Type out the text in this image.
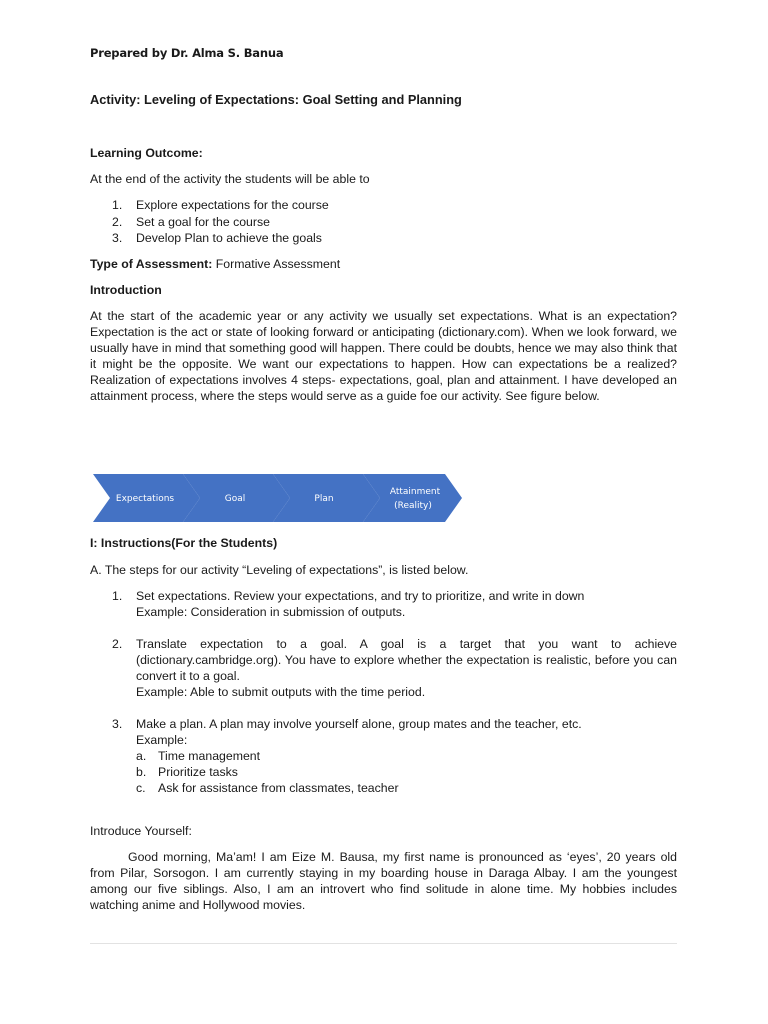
Prepared by Dr. Alma S. Banua
Activity: Leveling of Expectations: Goal Setting and Planning
Learning Outcome:
At the end of the activity the students will be able to
1. Explore expectations for the course
2. Set a goal for the course
3. Develop Plan to achieve the goals
Type of Assessment: Formative Assessment
Introduction
At the start of the academic year or any activity we usually set expectations. What is an expectation? Expectation is the act or state of looking forward or anticipating (dictionary.com). When we look forward, we usually have in mind that something good will happen. There could be doubts, hence we may also think that it might be the opposite. We want our expectations to happen. How can expectations be a realized? Realization of expectations involves 4 steps- expectations, goal, plan and attainment. I have developed an attainment process, where the steps would serve as a guide foe our activity. See figure below.
I: Instructions(For the Students)
A. The steps for our activity “Leveling of expectations”, is listed below.
1. Set expectations. Review your expectations, and try to prioritize, and write in down
Example: Consideration in submission of outputs.
2. Translate expectation to a goal. A goal is a target that you want to achieve (dictionary.cambridge.org). You have to explore whether the expectation is realistic, before you can convert it to a goal.
Example: Able to submit outputs with the time period.
3. Make a plan. A plan may involve yourself alone, group mates and the teacher, etc.
Example:
a. Time management
b. Prioritize tasks
c. Ask for assistance from classmates, teacher
Introduce Yourself:
Good morning, Ma’am! I am Eize M. Bausa, my first name is pronounced as ‘eyes’, 20 years old from Pilar, Sorsogon. I am currently staying in my boarding house in Daraga Albay. I am the youngest among our five siblings. Also, I am an introvert who find solitude in alone time. My hobbies includes watching anime and Hollywood movies.
Expectations	Goal	Plan
Attainment
(Reality)
